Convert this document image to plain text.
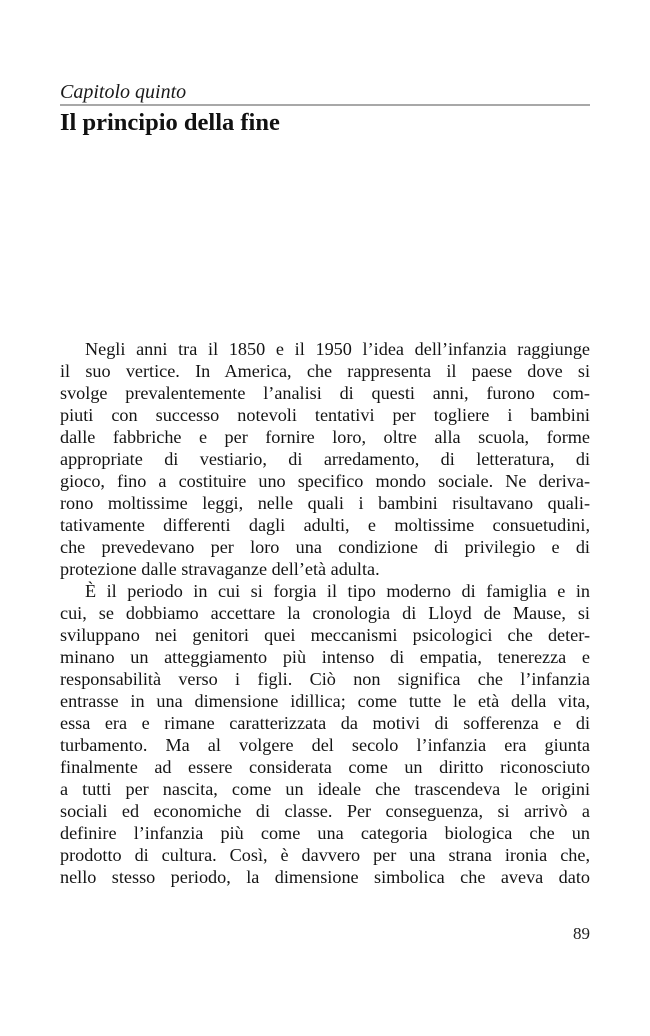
Capitolo quinto
Il principio della fine

Negli anni tra il 1850 e il 1950 l’idea dell’infanzia raggiunge
il suo vertice. In America, che rappresenta il paese dove si
svolge prevalentemente l’analisi di questi anni, furono com-
piuti con successo notevoli tentativi per togliere i bambini
dalle fabbriche e per fornire loro, oltre alla scuola, forme
appropriate di vestiario, di arredamento, di letteratura, di
gioco, fino a costituire uno specifico mondo sociale. Ne deriva-
rono moltissime leggi, nelle quali i bambini risultavano quali-
tativamente differenti dagli adulti, e moltissime consuetudini,
che prevedevano per loro una condizione di privilegio e di
protezione dalle stravaganze dell’età adulta.

È il periodo in cui si forgia il tipo moderno di famiglia e in
cui, se dobbiamo accettare la cronologia di Lloyd de Mause, si
sviluppano nei genitori quei meccanismi psicologici che deter-
minano un atteggiamento più intenso di empatia, tenerezza e
responsabilità verso i figli. Ciò non significa che l’infanzia
entrasse in una dimensione idillica; come tutte le età della vita,
essa era e rimane caratterizzata da motivi di sofferenza e di
turbamento. Ma al volgere del secolo l’infanzia era giunta
finalmente ad essere considerata come un diritto riconosciuto
a tutti per nascita, come un ideale che trascendeva le origini
sociali ed economiche di classe. Per conseguenza, si arrivò a
definire l’infanzia più come una categoria biologica che un
prodotto di cultura. Così, è davvero per una strana ironia che,
nello stesso periodo, la dimensione simbolica che aveva dato

89
